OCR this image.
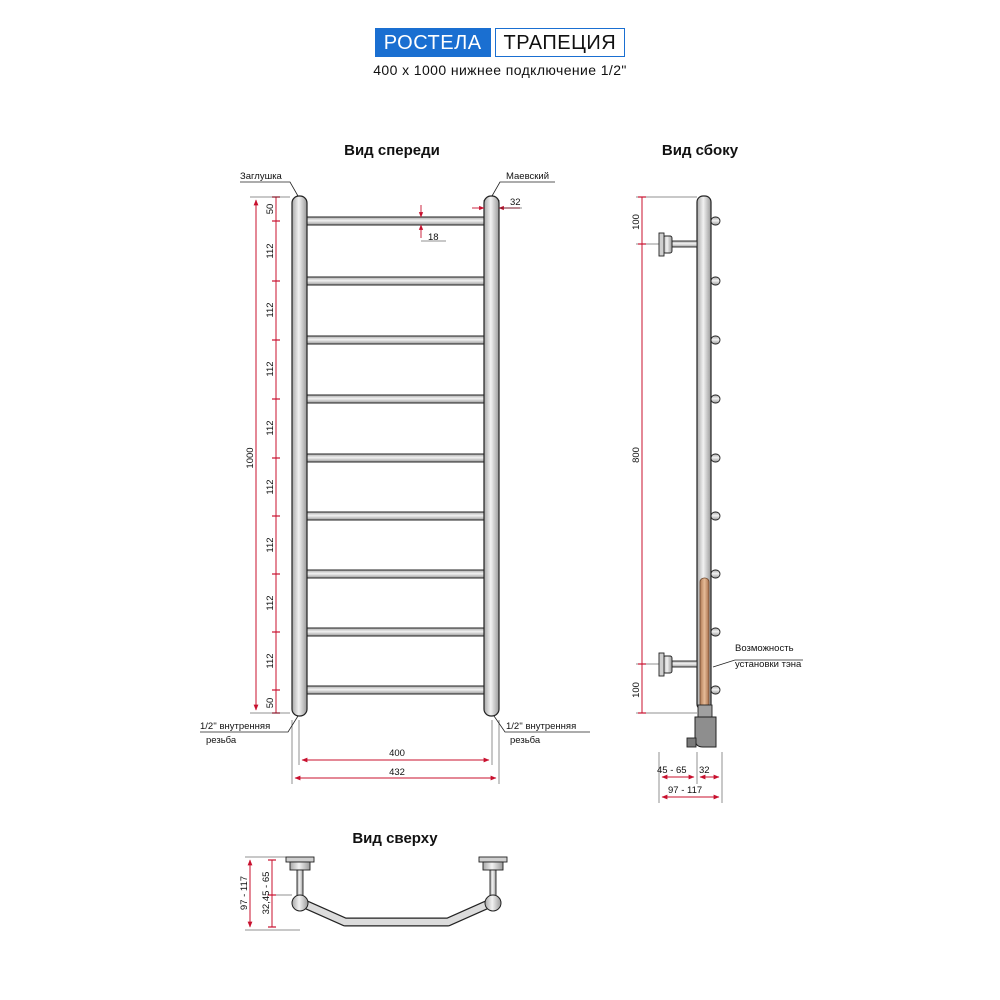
РОСТЕЛА ТРАПЕЦИЯ
400 х 1000 нижнее подключение 1/2"
Вид спереди
Заглушка	Маевский
32
18
50
112
112
112
112
112
112
112
112
50
1000
1/2'' внутренняя
резьба
1/2'' внутренняя
резьба
400
432
Вид сбоку
Возможность
установки тэна
100
800
100
45 - 65 32
97 - 117
Вид сверху
97 - 117 32,45 - 65
